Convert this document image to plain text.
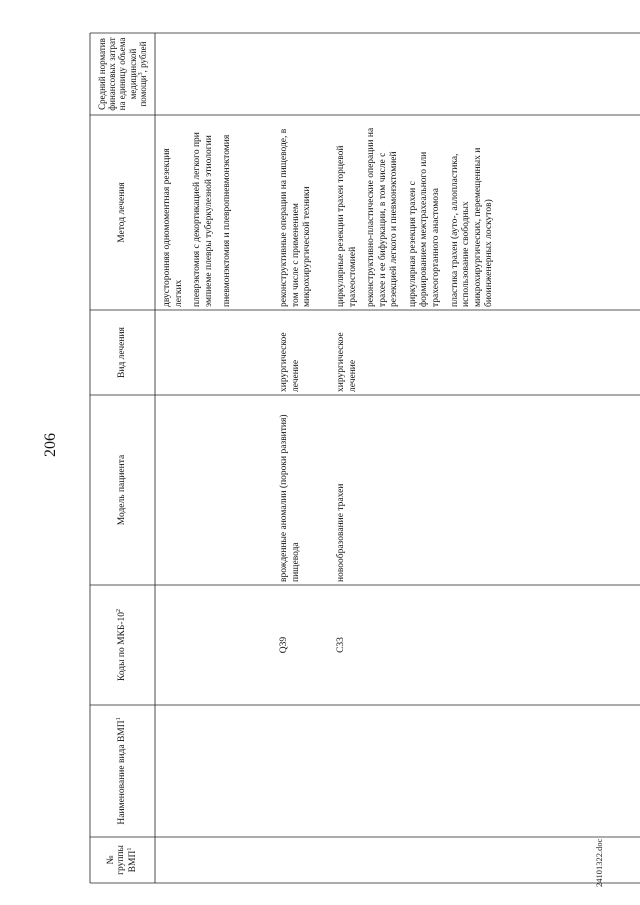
206
№ группы ВМП$^1$
Наименование вида ВМП$^1$
Коды по МКБ-$10^2$
Модель пациента
Вид лечения
Метод лечения
Средний норматив финансовых затрат на единицу объема медицинской помощи$^3$, рублей

двусторонняя одномоментная резекция легких плеврэктомия с декортикацией легкого при эмпиеме плевры туберкулезной этиологии пневмонэктомия и плевропневмонэктомия

Q39
врожденные аномалии (пороки развития) пищевода
хирургическое лечение

реконструктивные операции на пищеводе, в том числе с применением микрохирургической техники

C33
новообразование трахеи
хирургическое лечение

циркулярные резекции трахеи торцевой трахеостомией реконструктивно-пластические операции на трахее и ее бифуркации, в том числе с резекцией легкого и пневмонэктомией циркулярная резекция трахеи с формированием межтрахеального или трахеогортанного анастомоза пластика трахеи (ауто-, аллопластика, использование свободных микрохирургических, перемещенных и биоинженерных лоскутов)

24101322.doc
